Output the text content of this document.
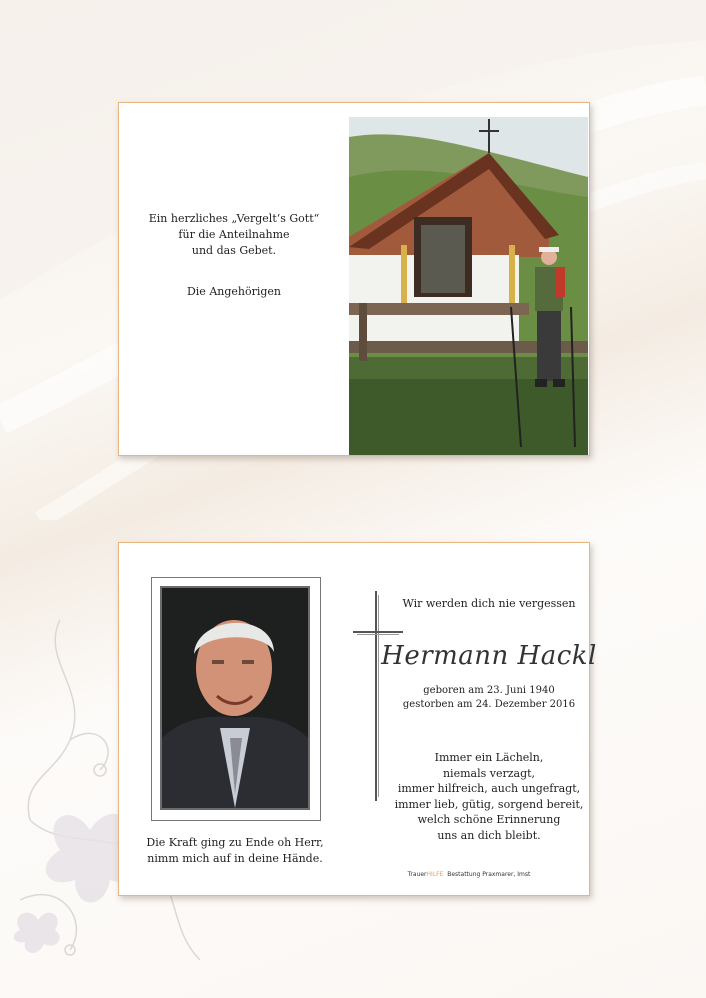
Ein herzliches „Vergelt‘s Gott“

für die Anteilnahme

und das Gebet.

Die Angehörigen

Die Kraft ging zu Ende oh Herr,

nimm mich auf in deine Hände.

Wir werden dich nie vergessen
Hermann Hackl

geboren am 23. Juni 1940

gestorben am 24. Dezember 2016

Immer ein Lächeln,

niemals verzagt,

immer hilfreich, auch ungefragt,

immer lieb, gütig, sorgend bereit,

welch schöne Erinnerung

uns an dich bleibt.

TrauerHILFE Bestattung Praxmarer, Imst
